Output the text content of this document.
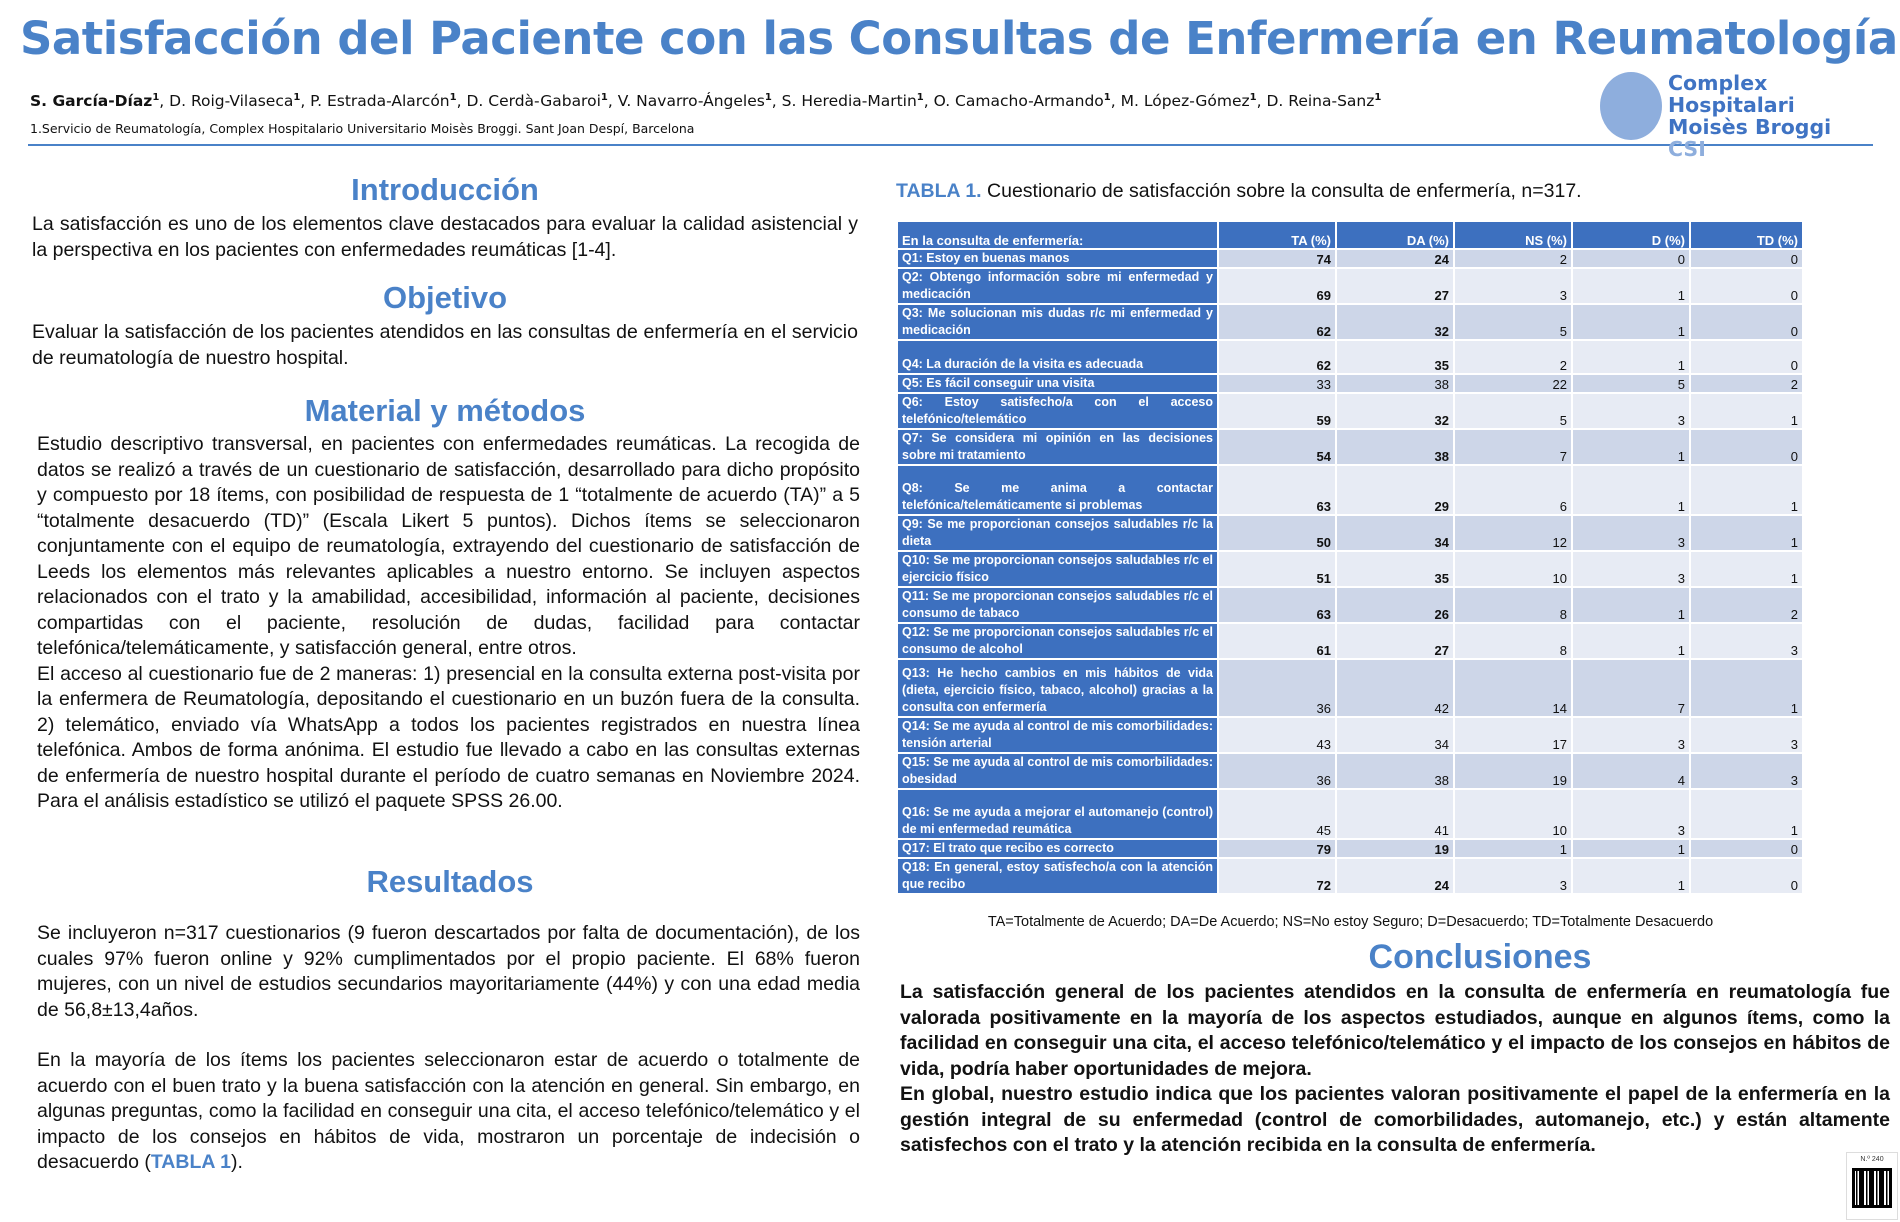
Satisfacción del Paciente con las Consultas de Enfermería en Reumatología
S. García-Díaz$^1$, D. Roig-Vilaseca$^1$, P. Estrada-Alarcón$^1$, D. Cerdà-Gabaroi$^1$, V. Navarro-Ángeles$^1$, S. Heredia-Martin$^1$, O. Camacho-Armando$^1$, M. López-Gómez$^1$, D. Reina-Sanz$^1$
1.Servicio de Reumatología, Complex Hospitalario Universitario Moisès Broggi. Sant Joan Despí, Barcelona
Complex Hospitalari
Moisès Broggi
CSI
Introducción
La satisfacción es uno de los elementos clave destacados para evaluar la calidad asistencial y la perspectiva en los pacientes con enfermedades reumáticas [1-4].
Objetivo
Evaluar la satisfacción de los pacientes atendidos en las consultas de enfermería en el servicio de reumatología de nuestro hospital.
Material y métodos

Estudio descriptivo transversal, en pacientes con enfermedades reumáticas. La recogida de datos se realizó a través de un cuestionario de satisfacción, desarrollado para dicho propósito y compuesto por 18 ítems, con posibilidad de respuesta de 1 “totalmente de acuerdo (TA)” a 5 “totalmente desacuerdo (TD)” (Escala Likert 5 puntos). Dichos ítems se seleccionaron conjuntamente con el equipo de reumatología, extrayendo del cuestionario de satisfacción de Leeds los elementos más relevantes aplicables a nuestro entorno. Se incluyen aspectos relacionados con el trato y la amabilidad, accesibilidad, información al paciente, decisiones compartidas con el paciente, resolución de dudas, facilidad para contactar telefónica/telemáticamente, y satisfacción general, entre otros.

El acceso al cuestionario fue de 2 maneras: 1) presencial en la consulta externa post-visita por la enfermera de Reumatología, depositando el cuestionario en un buzón fuera de la consulta. 2) telemático, enviado vía WhatsApp a todos los pacientes registrados en nuestra línea telefónica. Ambos de forma anónima. El estudio fue llevado a cabo en las consultas externas de enfermería de nuestro hospital durante el período de cuatro semanas en Noviembre 2024. Para el análisis estadístico se utilizó el paquete SPSS 26.00.

Resultados

Se incluyeron n=317 cuestionarios (9 fueron descartados por falta de documentación), de los cuales 97% fueron online y 92% cumplimentados por el propio paciente. El 68% fueron mujeres, con un nivel de estudios secundarios mayoritariamente (44%) y con una edad media de 56,8±13,4años.

En la mayoría de los ítems los pacientes seleccionaron estar de acuerdo o totalmente de acuerdo con el buen trato y la buena satisfacción con la atención en general. Sin embargo, en algunas preguntas, como la facilidad en conseguir una cita, el acceso telefónico/telemático y el impacto de los consejos en hábitos de vida, mostraron un porcentaje de indecisión o desacuerdo (TABLA 1).

TABLA 1. Cuestionario de satisfacción sobre la consulta de enfermería, n=317.
En la consulta de enfermería:	TA (%)	DA (%)	NS (%)	D (%)	TD (%)
Q1: Estoy en buenas manos	74	24	2	0	0
Q2: Obtengo información sobre mi enfermedad y medicación	69	27	3	1	0
Q3: Me solucionan mis dudas r/c mi enfermedad y medicación	62	32	5	1	0
Q4: La duración de la visita es adecuada	62	35	2	1	0
Q5: Es fácil conseguir una visita	33	38	22	5	2
Q6: Estoy satisfecho/a con el acceso telefónico/telemático	59	32	5	3	1
Q7: Se considera mi opinión en las decisiones sobre mi tratamiento	54	38	7	1	0
Q8: Se me anima a contactar telefónica/telemáticamente si problemas	63	29	6	1	1
Q9: Se me proporcionan consejos saludables r/c la dieta	50	34	12	3	1
Q10: Se me proporcionan consejos saludables r/c el ejercicio físico	51	35	10	3	1
Q11: Se me proporcionan consejos saludables r/c el consumo de tabaco	63	26	8	1	2
Q12: Se me proporcionan consejos saludables r/c el consumo de alcohol	61	27	8	1	3
Q13: He hecho cambios en mis hábitos de vida (dieta, ejercicio físico, tabaco, alcohol) gracias a la consulta con enfermería	36	42	14	7	1
Q14: Se me ayuda al control de mis comorbilidades: tensión arterial	43	34	17	3	3
Q15: Se me ayuda al control de mis comorbilidades: obesidad	36	38	19	4	3
Q16: Se me ayuda a mejorar el automanejo (control) de mi enfermedad reumática	45	41	10	3	1
Q17: El trato que recibo es correcto	79	19	1	1	0
Q18: En general, estoy satisfecho/a con la atención que recibo	72	24	3	1	0
TA=Totalmente de Acuerdo; DA=De Acuerdo; NS=No estoy Seguro; D=Desacuerdo; TD=Totalmente Desacuerdo
Conclusiones

La satisfacción general de los pacientes atendidos en la consulta de enfermería en reumatología fue valorada positivamente en la mayoría de los aspectos estudiados, aunque en algunos ítems, como la facilidad en conseguir una cita, el acceso telefónico/telemático y el impacto de los consejos en hábitos de vida, podría haber oportunidades de mejora.

En global, nuestro estudio indica que los pacientes valoran positivamente el papel de la enfermería en la gestión integral de su enfermedad (control de comorbilidades, automanejo, etc.) y están altamente satisfechos con el trato y la atención recibida en la consulta de enfermería.

N.º 240
